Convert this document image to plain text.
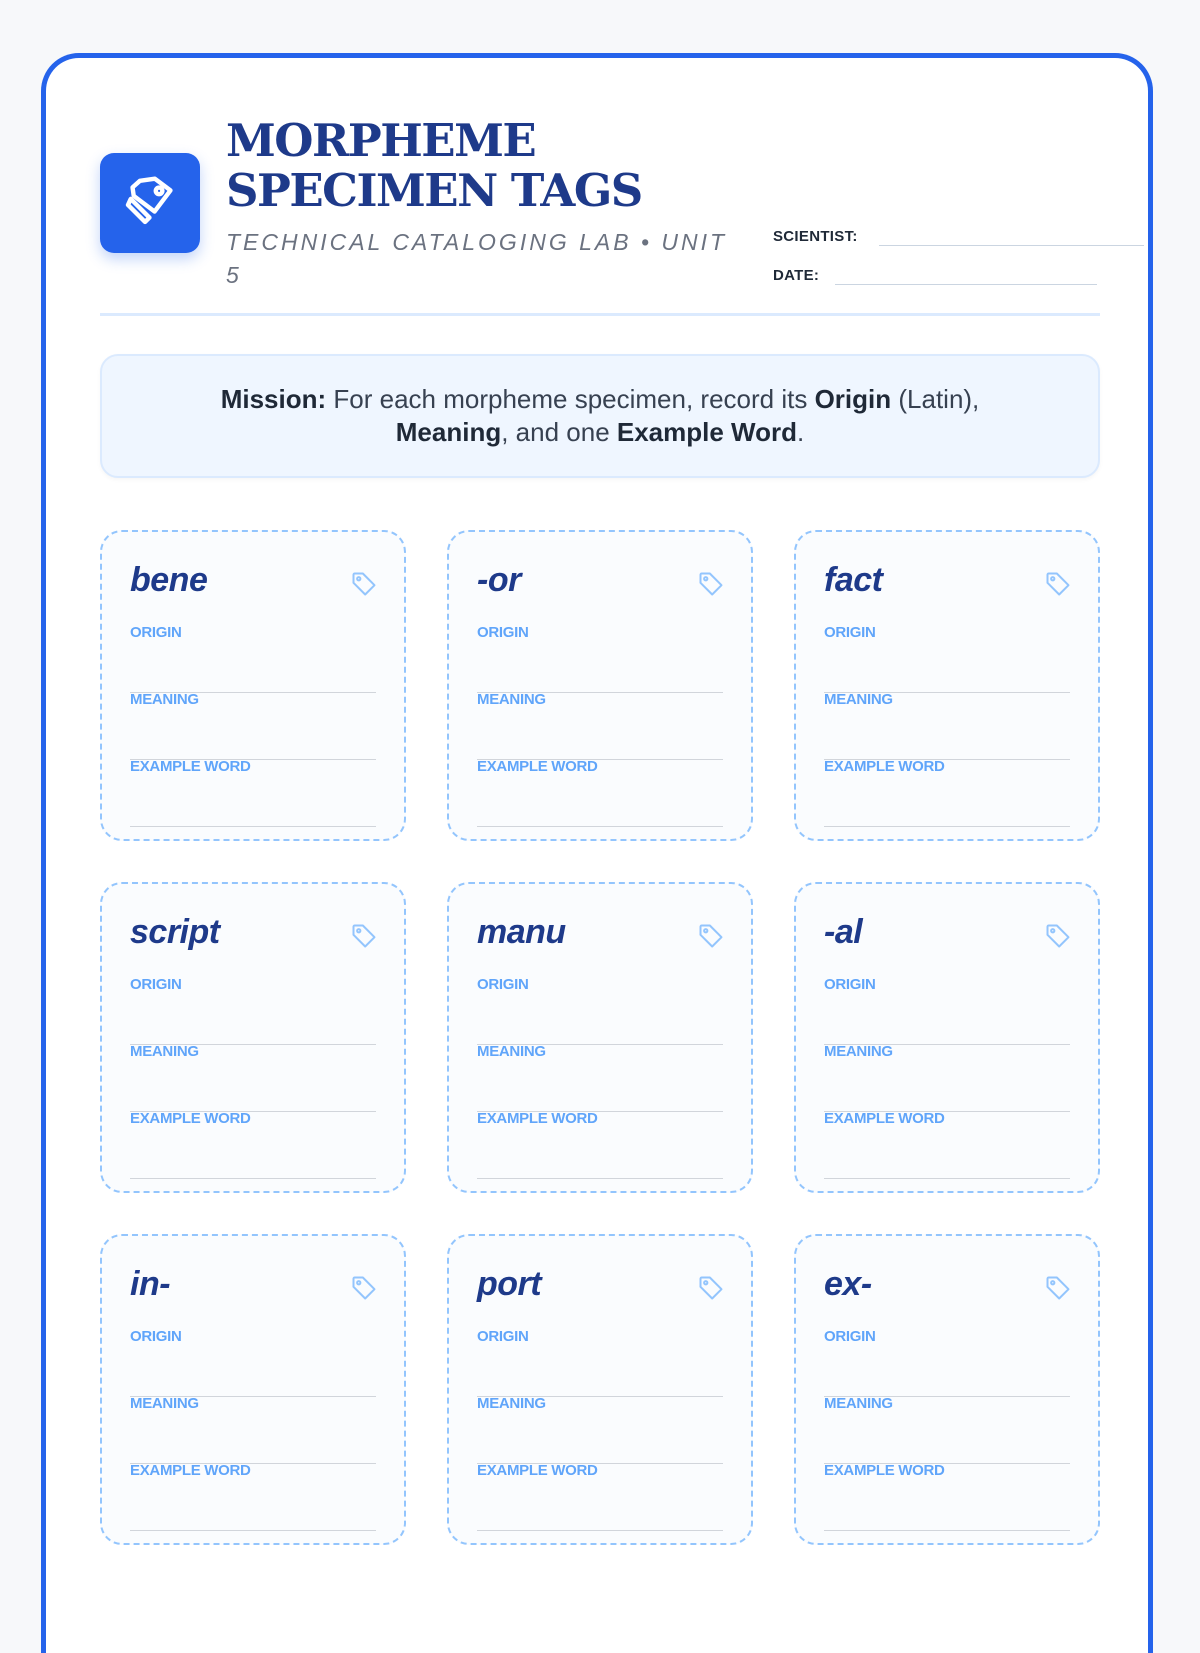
MORPHEME
SPECIMEN TAGS
TECHNICAL CATALOGING LAB • UNIT 5
SCIENTIST:
DATE:
Mission: For each morpheme specimen, record its Origin (Latin), Meaning, and one Example Word.
bene
ORIGIN
MEANING
EXAMPLE WORD
-or
ORIGIN
MEANING
EXAMPLE WORD
fact
ORIGIN
MEANING
EXAMPLE WORD
script
ORIGIN
MEANING
EXAMPLE WORD
manu
ORIGIN
MEANING
EXAMPLE WORD
-al
ORIGIN
MEANING
EXAMPLE WORD
in-
ORIGIN
MEANING
EXAMPLE WORD
port
ORIGIN
MEANING
EXAMPLE WORD
ex-
ORIGIN
MEANING
EXAMPLE WORD
